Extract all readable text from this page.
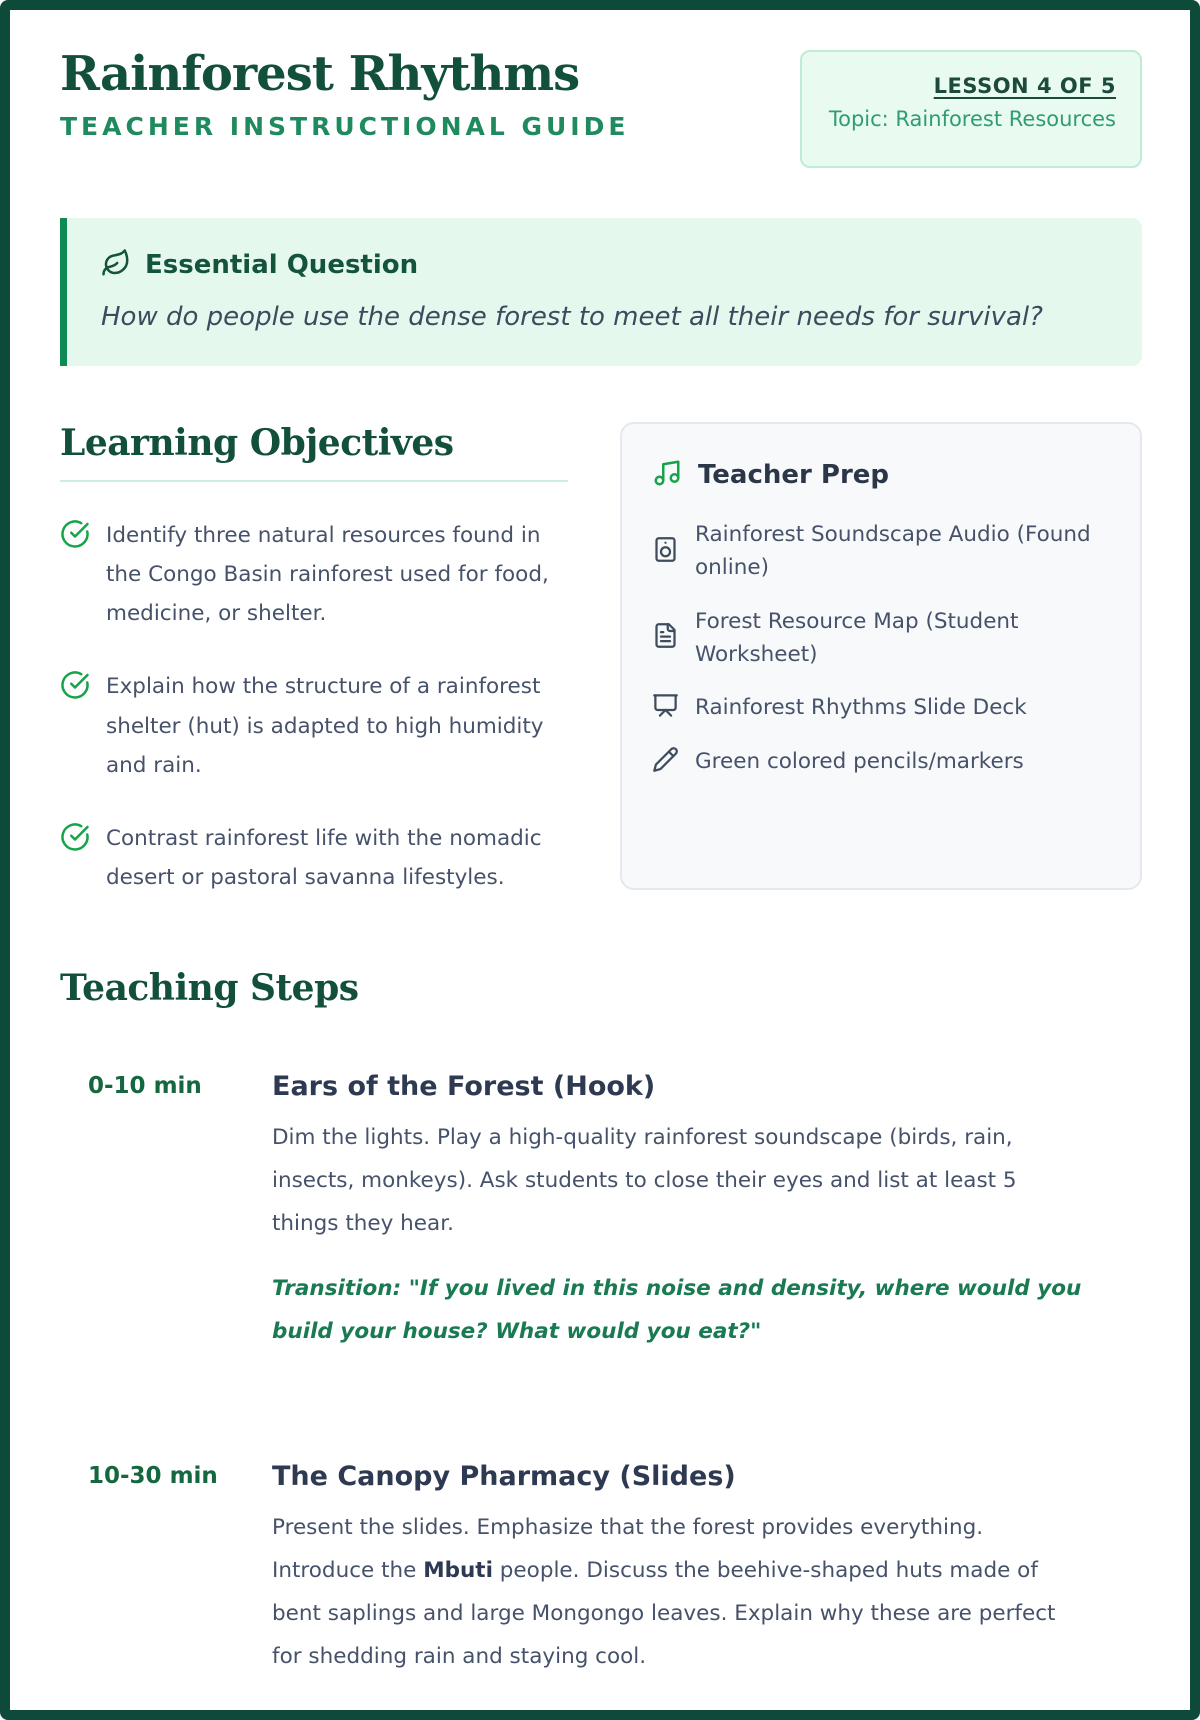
Rainforest Rhythms
TEACHER INSTRUCTIONAL GUIDE
LESSON 4 OF 5
Topic: Rainforest Resources
Essential Question
How do people use the dense forest to meet all their needs for survival?
Learning Objectives
Identify three natural resources found in the Congo Basin rainforest used for food, medicine, or shelter.
Explain how the structure of a rainforest shelter (hut) is adapted to high humidity and rain.
Contrast rainforest life with the nomadic desert or pastoral savanna lifestyles.
Teacher Prep
Rainforest Soundscape Audio (Found online)
Forest Resource Map (Student Worksheet)
Rainforest Rhythms Slide Deck
Green colored pencils/markers
Teaching Steps
0-10 min	Ears of the Forest (Hook)
Dim the lights. Play a high-quality rainforest soundscape (birds, rain, insects, monkeys). Ask students to close their eyes and list at least 5 things they hear.
Transition: "If you lived in this noise and density, where would you build your house? What would you eat?"
10-30 min	The Canopy Pharmacy (Slides)
Present the slides. Emphasize that the forest provides everything. Introduce the Mbuti people. Discuss the beehive-shaped huts made of bent saplings and large Mongongo leaves. Explain why these are perfect for shedding rain and staying cool.
